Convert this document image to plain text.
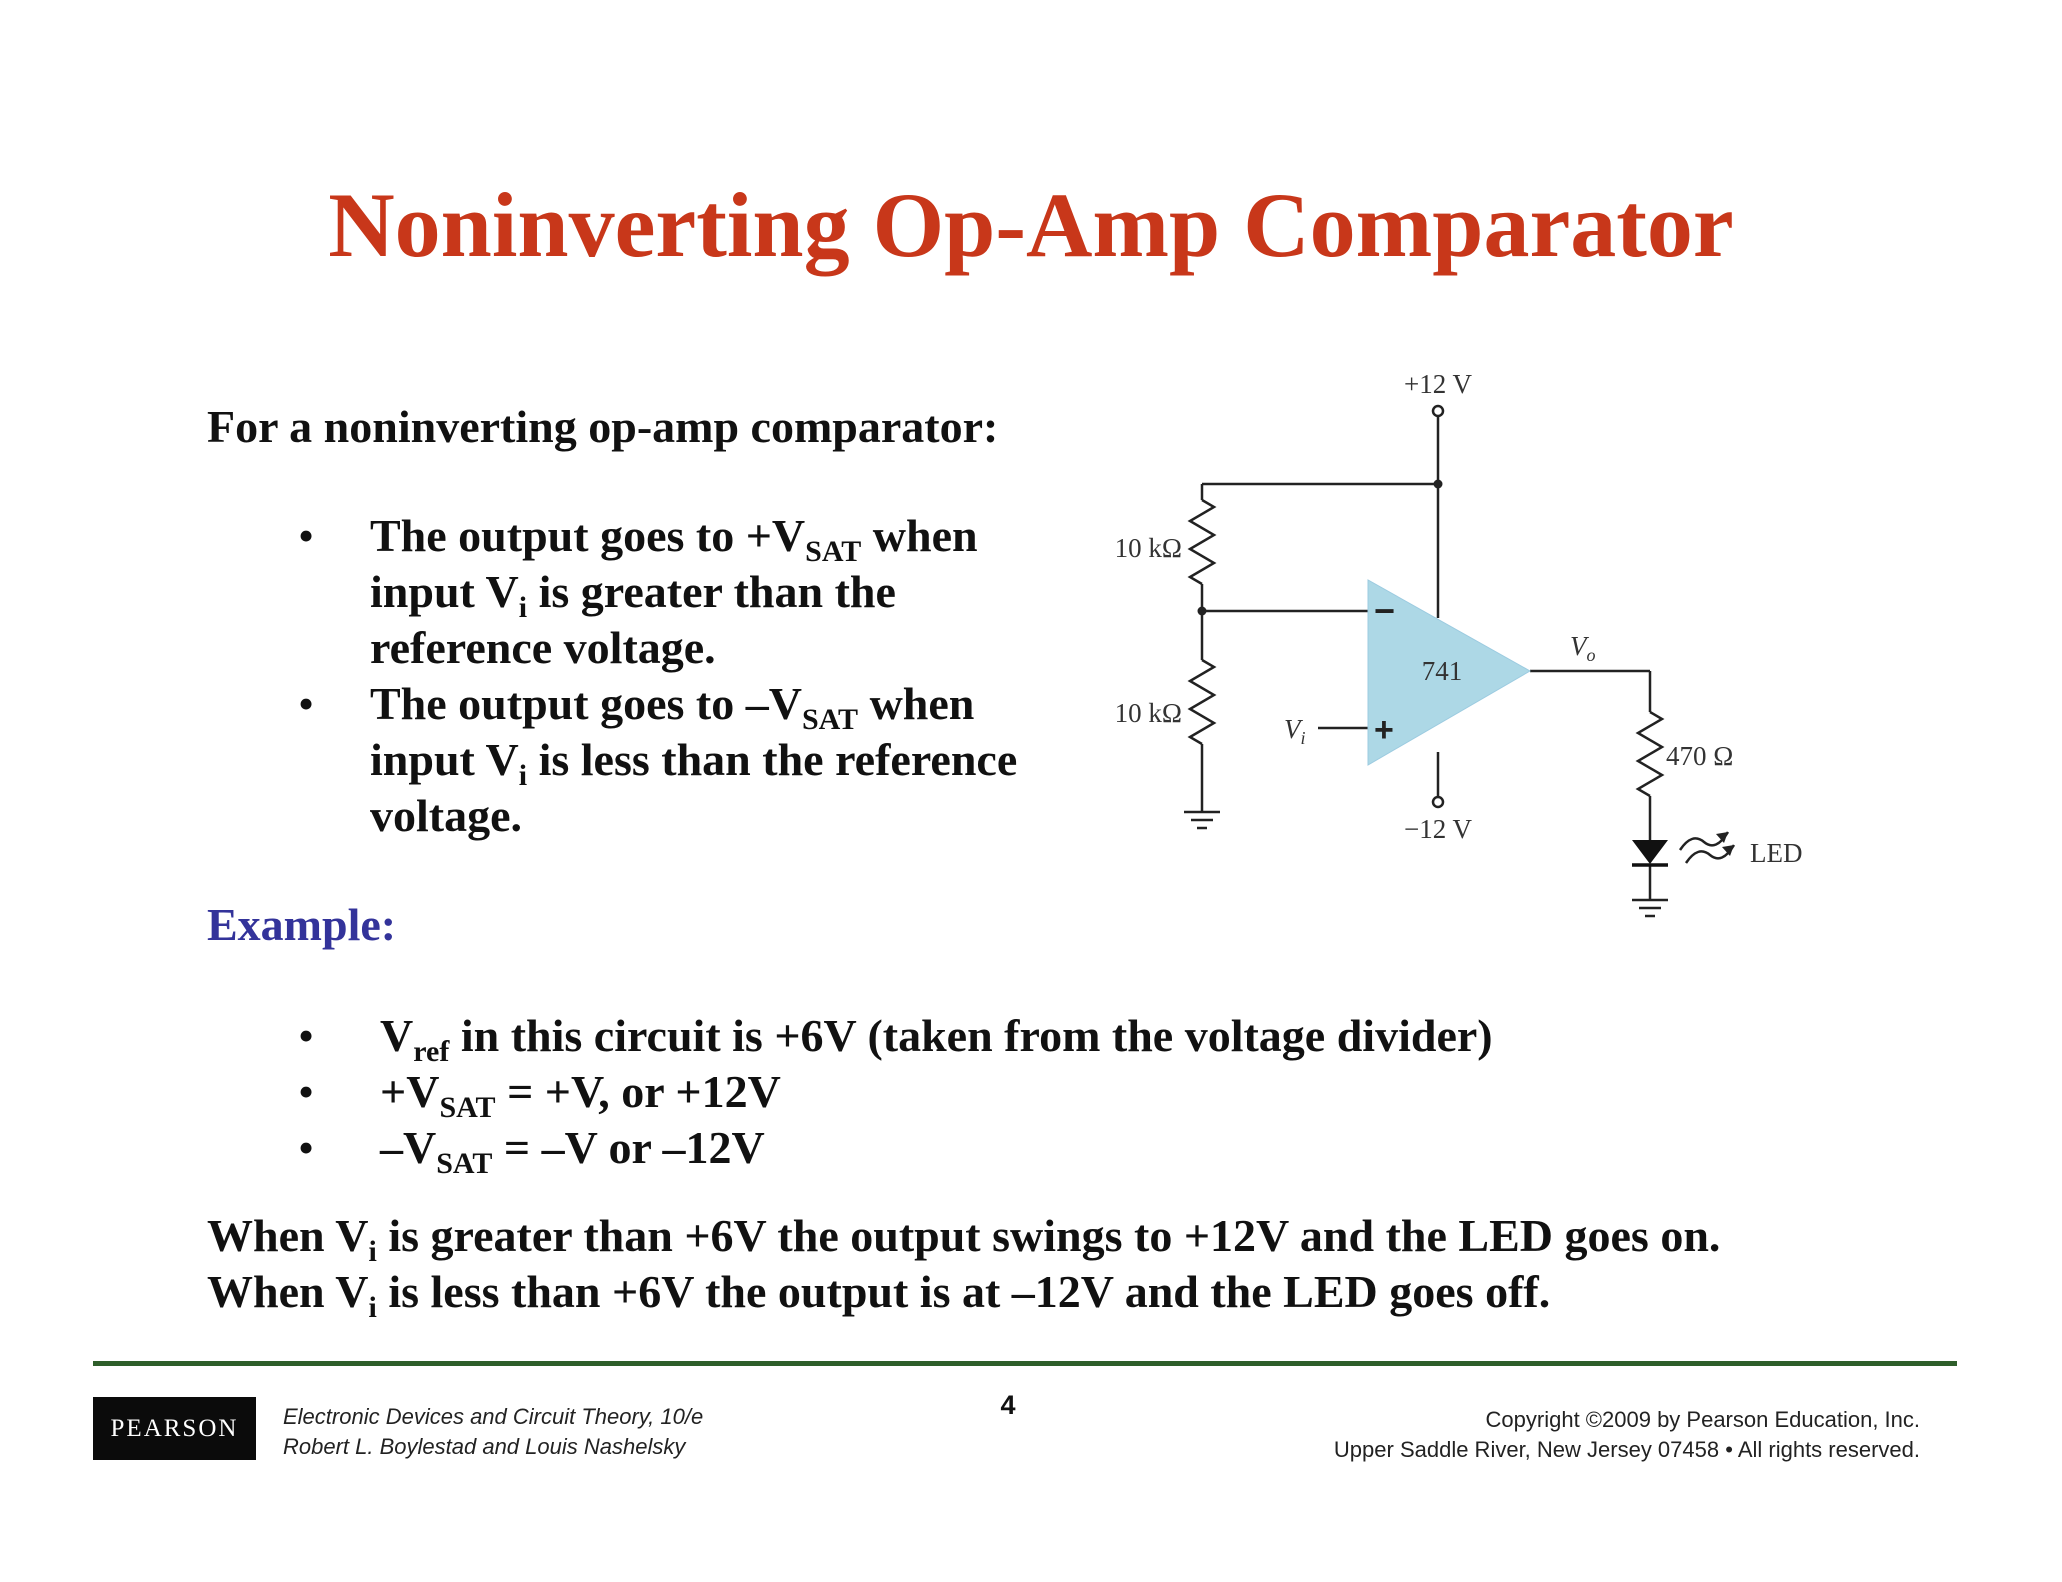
Noninverting Op-Amp Comparator

For a noninverting op-amp comparator:

• The output goes to $+V_{SAT}$ when input $V_i$ is greater than the reference voltage.
• The output goes to $-V_{SAT}$ when input $V_i$ is less than the reference voltage.

Example:

• $V_{ref}$ in this circuit is +6V (taken from the voltage divider)
• $+V_{SAT} = +V$, or +12V
• $-V_{SAT} = -V$ or –12V
When $V_i$ is greater than +6V the output swings to +12V and the LED goes on.
When $V_i$ is less than +6V the output is at –12V and the LED goes off.
+12 V
−12 V
10 kΩ
10 kΩ
470 Ω
741
−
+
$V_i$
$V_o$
LED
PEARSON	Electronic Devices and Circuit Theory, 10/e
Robert L. Boylestad and Louis Nashelsky
4	Copyright ©2009 by Pearson Education, Inc.
Upper Saddle River, New Jersey 07458 • All rights reserved.
